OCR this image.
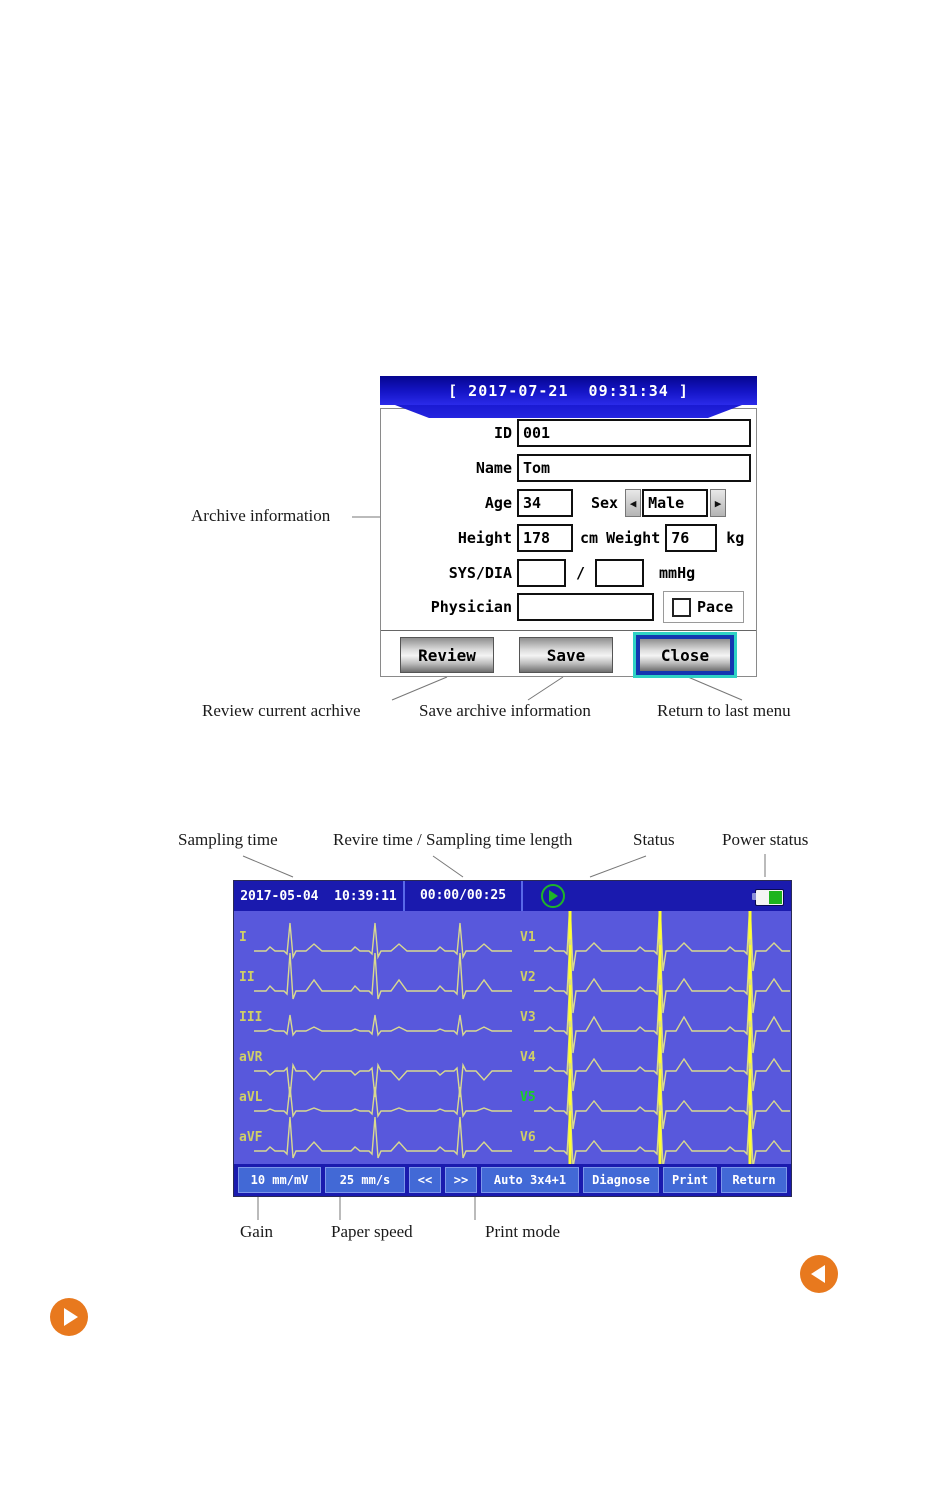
[ 2017-07-21  09:31:34 ]
ID 001
Name Tom
Age 34	Sex	◀ Male	▶
Height 178	cm Weight 76	kg
SYS/DIA	/	mmHg
Physician	Pace
Review	Save	Close
Archive information
Review current acrhive	Save archive information	Return to last menu
Sampling time	Revire time / Sampling time length	Status	Power status
2017-05-04  10:39:11	00:00/00:25
I	V1
II	V2
III	V3
aVR	V4
aVL	V5
aVF	V6
10 mm/mV	25 mm/s	<<	>>	Auto 3x4+1	Diagnose	Print	Return
Gain	Paper speed	Print mode
